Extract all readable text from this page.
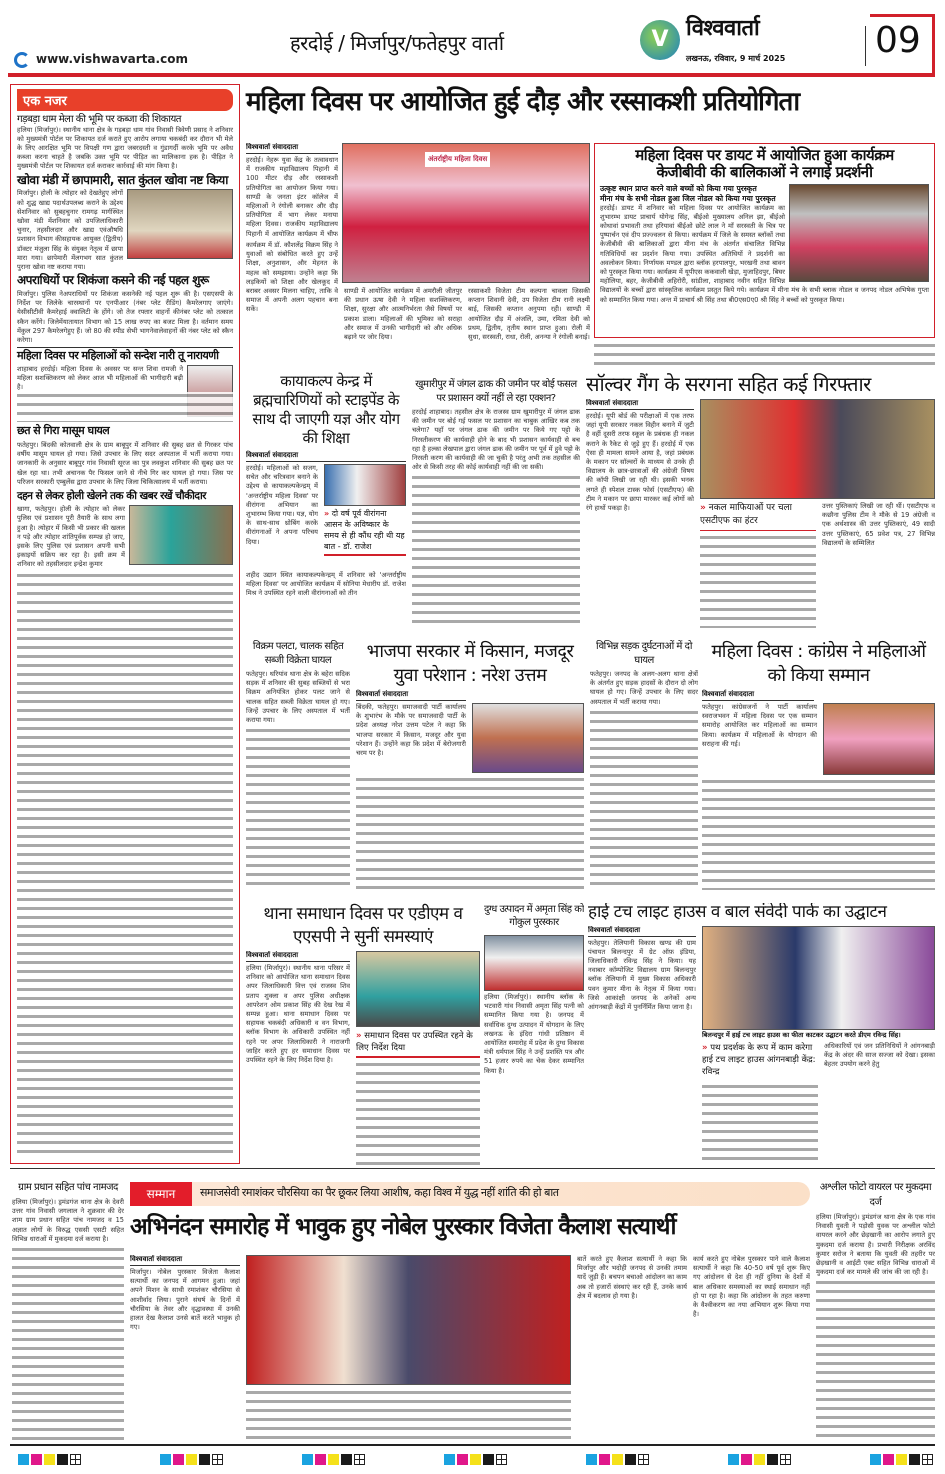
www.vishwavarta.com
हरदोई / मिर्जापुर/फतेहपुर वार्ता	V विश्ववार्ता
लखनऊ, रविवार, 9 मार्च 2025 09
एक नजर
गड़बड़ा धाम मेला की भूमि पर कब्जा की शिकायत
हलिया (मिर्जापुर)। स्थानीय थाना क्षेत्र के गड़बड़ा धाम गांव निवासी त्रिवेणी प्रसाद ने शनिवार को मुख्यमंत्री पोर्टल पर शिकायत दर्ज कराते हुए आरोप लगाया चकबंदी कर दौरान भी मेले के लिए आरक्षित भूमि पर विपक्षी गण द्वारा जबरदस्ती व गुंडागर्दी करके भूमि पर अवैध कब्जा करना चाहते है जबकि उक्त भूमि पर पीड़ित का मालिकाना हक है। पीड़ित ने मुख्यमंत्री पोर्टल पर शिकायत दर्ज कराकर कार्रवाई की मांग किया है।
खोवा मंडी में छापामारी, सात कुंतल खोवा नष्ट किया
मिर्जापुर। होली के त्योहार को देखतेहुए लोगों को शुद्ध खाद्य पदार्थउपलब्ध कराने के उद्देश्य सेशनिवार को सुबहचुनार रामगढ़ मार्गस्थित खोवा मंडी मेंशनिवार को उपजिलाधिकारी चुनार, तहसीलदार और खाद्य एवंऔषधि प्रशासन विभाग कीसहायक आयुक्त (द्वितीय) डॉक्टर मंजुला सिंह के संयुक्त नेतृत्व में छापा मारा गया। छापेमारी मेंलगभग सात कुंतल पुराना खोवा नष्ट कराया गया।
अपराधियों पर शिकंजा कसने की नई पहल शुरू
मिर्जापुर। पुलिस नेअपराधियों पर शिकंजा कसनेकी नई पहल शुरू की है। एसएसपी के निर्देश पर जिलेके चारस्थानों पर एनपीआर (नंबर प्लेट रीडिंग) कैमरेलगाए जाएंगे। येसीसीटीवी कैमरेहाई क्वालिटी के होंगे। जो तेज रफ्तार वाहनों कीनंबर प्लेट को तत्काल स्कैन करेंगे। जिलेमेंयातायात विभाग को 15 लाख रुपए का बजट मिला है। वर्तमान समय मेंकुल 297 कैमरेलगेहुए हैं। जो 80 की स्पीड सेभी भागनेवालेवाहनों की नंबर प्लेट को स्कैन करेगा।
महिला दिवस पर महिलाओं को सन्देश नारी तू नारायणी
शाहाबाद हरदोई। महिला दिवस के अवसर पर सन्त शिवा रामजी ने महिला सशक्तिकरण को लेकर आज भी महिलाओं की भागीदारी बढ़ी है।
छत से गिरा मासूम घायल
फतेहपुर। बिंदकी कोतवाली क्षेत्र के ग्राम बाबूपुर में शनिवार की सुबह छत से गिरकर पांच वर्षीय मासूम घायल हो गया। जिसे उपचार के लिए सदर अस्पताल में भर्ती कराया गया। जानकारी के अनुसार बाबूपुर गांव निवासी सूरज का पुत्र लवकुश शनिवार की सुबह छत पर खेल रहा था। तभी अचानक पैर फिसल जाने से नीचे गिर कर घायल हो गया। जिस पर परिजन सरकारी एम्बुलेंस द्वारा उपचार के लिए जिला चिकित्सालय में भर्ती कराया।
दहन से लेकर होली खेलने तक की खबर रखें चौकीदार
खागा, फतेहपुर। होली के त्योहार को लेकर पुलिस एवं प्रशासन पूरी तैयारी के साथ लगा हुआ है। त्योहार में किसी भी प्रकार की खलल न पड़े और त्योहार शांतिपूर्वक सम्पन्न हो जाए, इसके लिए पुलिस एवं प्रशासन अपनी सभी इकाइयों सक्रिय कर रहा है। इसी क्रम में शनिवार को तहसीलदार इन्द्रेश कुमार
महिला दिवस पर आयोजित हुई दौड़ और रस्साकशी प्रतियोगिता
विश्ववार्ता संवाददाता
हरदोई। नेहरू युवा केंद्र के तत्वावधान में राजकीय महाविद्यालय पिहानी में 100 मीटर दौड़ और रस्साकशी प्रतियोगिता का आयोजन किया गया। साण्डी के जनता इंटर कॉलेज में महिलाओं ने रंगोली बनाकर और दौड़ प्रतियोगिता में भाग लेकर मनाया महिला दिवस। राजकीय महाविद्यालय पिहानी में आयोजित कार्यक्रम में चीफ
कार्यक्रम में डॉ. कौशलेंद्र विक्रम सिंह ने युवाओं को संबोधित करते हुए उन्हें शिक्षा, अनुशासन, और मेहनत के महत्व को समझाया। उन्होंने कहा कि लड़कियों को शिक्षा और खेलकूद में बराबर अवसर मिलना चाहिए, ताकि वे समाज में अपनी अलग पहचान बना सकें।
अंतर्राष्ट्रीय महिला दिवस
साण्डी में आयोजित कार्यक्रम में अमरौली जीतपुर की प्रधान ऊषा देवी ने महिला सशक्तिकरण, शिक्षा, सुरक्षा और आत्मनिर्भरता जैसे विषयों पर प्रकाश डाला। महिलाओं की भूमिका को सराहा और समाज में उनकी भागीदारी को और अधिक बढ़ाने पर जोर दिया।
रस्साकशी विजेता टीम कल्पना चावला जिसकी कप्तान शिवानी देवी, उप विजेता टीम रानी लक्ष्मी बाई, जिसकी कप्तान अनुपमा रही। साण्डी में आयोजित दौड़ में अंजलि, उमा, रमिता देवी को प्रथम, द्वितीय, तृतीय स्थान प्राप्त हुआ। रोली में सुधा, सरस्वती, राधा, रोली, अनन्या ने रंगोली बनाई।
महिला दिवस पर डायट में आयोजित हुआ कार्यक्रम
केजीबीवी की बालिकाओं ने लगाई प्रदर्शनी
उत्कृष्ट स्थान प्राप्त करने वाले बच्चों को किया गया पुरस्कृत
मीना मंच के सभी नोडल हुआ जिल नोडल को किया गया पुरस्कृत
हरदोई। डायट में शनिवार को महिला दिवस पर आयोजित कार्यक्रम का शुभारम्भ डायट प्राचार्य योगेन्द्र सिंह, बीईओ मुख्यालय अनिल झा, बीईओ कोथावां प्रभावती तथा हरियावां बीईओ छोटे लाल ने माँ सरस्वती के चित्र पर पुष्पार्चन एवं दीप प्रज्ज्वलन से किया। कार्यक्रम में जिले के समस्त ब्लॉकों तथा केजीबीवी की बालिकाओं द्वारा मीना मंच के अंतर्गत संचालित विभिन्न गतिविधियों का प्रदर्शन किया गया। उपस्थित अतिथियों ने प्रदर्शनी का अवलोकन किया। निर्णायक मण्डल द्वारा ब्लॉक हरपालपुर, भरखनी तथा बावन को पुरस्कृत किया गया। कार्यक्रम में यूपीएस ककवाली खेड़ा, मुजाहिदपुर, बिघर महोलिया, बहर, केजीबीवी अहिरोरी, सांडीला, शाहाबाद नवीन सहित विभिन्न विद्यालयों के बच्चों द्वारा सांस्कृतिक कार्यक्रम प्रस्तुत किये गये। कार्यक्रम में मीना मंच के सभी ब्लाक नोडल व जनपद नोडल अभिषेक गुप्ता को सम्मानित किया गया। अन्त में प्राचार्य श्री सिंह तथा बी0एस0ए0 श्री सिंह ने बच्चों को पुरस्कृत किया।
कायाकल्प केन्द्र में ब्रह्मचारिणियों को स्टाइपेंड के साथ दी जाएगी यज्ञ और योग की शिक्षा
विश्ववार्ता संवाददाता
हरदोई। महिलाओं को सजग, सचेत और चरित्रवान बनाने के उद्देश्य से कायाकल्पकेन्द्रम् में 'अन्तर्राष्ट्रीय महिला दिवस' पर वीरांगना अभियान का शुभारम्भ किया गया। यज्ञ, योग के साथ-साथ थ्रोबिंग करके वीरांगनाओं ने अपना परिचय दिया।
» दो वर्ष पूर्व वीरांगना आसन के अविष्कार के समय से ही कौंध रही थी यह बात - डॉ. राजेश
शहीद उद्यान स्थित कायाकल्पकेन्द्रम् में शनिवार को 'अन्तर्राष्ट्रीय महिला दिवस' पर आयोजित कार्यक्रम में सोनिया मेधारीय डॉ. राजेश मिश्र ने उपस्थित रहने वाली वीरांगनाओं को तीन
खुमारीपुर में जंगल ढाक की जमीन पर बोई फसल पर प्रशासन क्यों नहीं ले रहा एक्शन?
हरदोई शाहाबाद। तहसील क्षेत्र के राजस्व ग्राम खुमारीपुर में जंगल ढाक की जमीन पर बोई गई फसल पर प्रशासन का चाबुक आखिर कब तक चलेगा? यहाँ पर जंगल ढाक की जमीन पर किये गए पट्टो के निरस्तीकरण की कार्यवाही होने के बाद भी प्रशासन कार्यवाही से बच रहा है हल्का लेखपाल द्वारा जंगल ढाक की जमीन पर पूर्व में हुवे पट्टो के निरस्ती करण की कार्यवाही की जा चुकी है परंतु अभी तक तहसील की ओर से किसी तरह की कोई कार्यवाही नहीं की जा सकी।
सॉल्वर गैंग के सरगना सहित कई गिरफ्तार
विश्ववार्ता संवाददाता
हरदोई। यूपी बोर्ड की परीक्षाओं में एक तरफ जहां यूपी सरकार नकल विहीन बनाने में जुटी है वहीं दूसरी तरफ स्कूल के प्रबंधक ही नकल कराने के रैकेट से जुड़े हुए हैं। हरदोई में एक ऐसा ही मामला सामने आया है, जहां प्रबंधक के मकान पर सॉल्वरों के माध्यम से उनके ही विद्यालय के छात्र-छात्राओं की अंग्रेजी विषय की कॉपी लिखी जा रही थी। इसकी भनक लगते ही स्पेशल टास्क फोर्स (एसटीएफ) की टीम ने मकान पर छापा मारकर कई लोगों को रंगे हाथों पकड़ा है।	» नकल माफियाओं पर चला एसटीएफ का हंटर
उत्तर पुस्तिकाएं लिखी जा रही थीं। एसटीएफ व कछौना पुलिस टीम ने मौके से 19 अंग्रेजी व एक अर्थशास्त्र की उत्तर पुस्तिकाएं, 49 सादी उत्तर पुस्तिकाएं, 65 प्रवेश पत्र, 27 विभिन्न विद्यालयों के सम्मिलित
विक्रम पलटा, चालक सहित सब्जी विक्रेता घायल
फतेहपुर। थरियांव थाना क्षेत्र के बहेरा सदिक सड़क में शनिवार की सुबह सब्जियों से भरा विक्रम अनियंत्रित होकर पलट जाने से चालक सहित सब्जी विक्रेता घायल हो गए। जिन्हें उपचार के लिए अस्पताल में भर्ती कराया गया।
भाजपा सरकार में किसान, मजदूर युवा परेशान : नरेश उत्तम
विश्ववार्ता संवाददाता
बिंदकी, फतेहपुर। समाजवादी पार्टी कार्यालय के शुभारंभ के मौके पर समाजवादी पार्टी के प्रदेश अध्यक्ष नरेश उत्तम पटेल ने कहा कि भाजपा सरकार में किसान, मजदूर और युवा परेशान हैं। उन्होंने कहा कि प्रदेश में बेरोजगारी चरम पर है।
विभिन्न सड़क दुर्घटनाओं में दो घायल
फतेहपुर। जनपद के अलग-अलग थाना क्षेत्रों के अंतर्गत हुए सड़क हादसों के दौरान दो लोग घायल हो गए। जिन्हें उपचार के लिए सदर अस्पताल में भर्ती कराया गया।
महिला दिवस : कांग्रेस ने महिलाओं को किया सम्मान
विश्ववार्ता संवाददाता
फतेहपुर। कांग्रेसजनों ने पार्टी कार्यालय स्वराजभवन में महिला दिवस पर एक सम्मान समारोह आयोजित कर महिलाओं का सम्मान किया। कार्यक्रम में महिलाओं के योगदान की सराहना की गई।
थाना समाधान दिवस पर एडीएम व एएसपी ने सुनीं समस्याएं
विश्ववार्ता संवाददाता
हलिया (मिर्जापुर)। स्थानीय थाना परिसर में शनिवार को आयोजित थाना समाधान दिवस अपर जिलाधिकारी वित्त एवं राजस्व शिव प्रताप शुक्ला व अपर पुलिस अधीक्षक आपरेशन ओम प्रकाश सिंह की देख रेख में सम्पन्न हुआ। थाना समाधान दिवस पर सहायक चकबंदी अधिकारी व वन विभाग, ब्लॉक विभाग के अधिकारी उपस्थित नहीं रहने पर अपर जिलाधिकारी ने नाराजगी जाहिर करते हुए हर समाधान दिवस पर उपस्थित रहने के लिए निर्देश दिया है।
» समाधान दिवस पर उपस्थित रहने के लिए निर्देश दिया
दुग्ध उत्पादन में अमृता सिंह को गोकुल पुरस्कार
हलिया (मिर्जापुर)। स्थानीय ब्लॉक के भटवारी गांव निवासी अमृता सिंह पत्नी को सम्मानित किया गया है। जनपद में सर्वाधिक दुग्ध उत्पादन में योगदान के लिए लखनऊ के इंदिरा गांधी प्रतिष्ठान में आयोजित समारोह में प्रदेश के दुग्ध विकास मंत्री धर्मपाल सिंह ने उन्हें प्रशस्ति पत्र और 51 हजार रुपये का चेक देकर सम्मानित किया है।
हाई टच लाइट हाउस व बाल संवेदी पार्क का उद्घाटन
विश्ववार्ता संवाददाता
फतेहपुर। तेलियानी विकास खण्ड की ग्राम पंचायत बिलन्दपुर में ग्रेट ऑफ़ इंडिया, जिलाधिकारी रविन्द्र सिंह ने किया। यह नवाबार कॉम्पोजिट विद्यालय ग्राम बिलन्दपुर ब्लॉक तेलियानी में मुख्य विकास अधिकारी पवन कुमार मीना के नेतृत्व में किया गया। जिसे आकांक्षी जनपद के अनेकों अन्य आंगनबाड़ी केंद्रों में पुनर्निर्मित किया जाना है।
बिलन्दपुर में हाई टच लाइट हाउस का फीता काटकर उद्घाटन करते डीएम रविन्द्र सिंह।
» पथ प्रदर्शक के रूप में काम करेगा हाई टच लाइट हाउस आंगनबाड़ी केंद्र: रविन्द्र
अधिकारियों एवं जन प्रतिनिधियों ने आंगनबाड़ी केंद्र के अंदर की साज सज्जा को देखा। इसका बेहतर उपयोग करने हेतु
ग्राम प्रधान सहित पांच नामजद
हलिया (मिर्जापुर)। ड्रमंडगंज थाना क्षेत्र के देवरी उत्तर गांव निवासी जगलाल ने शुक्रवार की देर शाम ग्राम प्रधान सहित पांच नामजद व 15 अज्ञात लोगों के विरुद्ध एससी एसटी सहित विभिन्न धाराओं में मुकदमा दर्ज कराया है।
सम्मान	समाजसेवी रमाशंकर चौरसिया का पैर छूकर लिया आशीष, कहा विश्व में युद्ध नहीं शांति की हो बात
अभिनंदन समारोह में भावुक हुए नोबेल पुरस्कार विजेता कैलाश सत्यार्थी
विश्ववार्ता संवाददाता
मिर्जापुर। नोबेल पुरस्कार विजेता कैलाश सत्यार्थी का जनपद में आगमन हुआ। जहां अपने मिशन के साथी रमाशंकर चौरसिया से आशीर्वाद लिया। पुराने संघर्ष के दिनों में चौरसिया के तेवर और वृद्धावस्था में उनकी हालत देख कैलाश उनसे बातें करते भावुक हो गए।
बातें करते हुए कैलाश सत्यार्थी ने कहा कि मिर्जापुर और भदोही जनपद से उनकी तमाम यादें जुड़ी हैं। बचपन बचाओ आंदोलन का काम अब तो हजारों संस्थाएं कर रही हैं, उनके कार्य क्षेत्र में बदलाव हो गया है।
कार्य करते हुए नोबेल पुरस्कार पाने वाले कैलाश सत्यार्थी ने कहा कि 40-50 वर्ष पूर्व शुरू किए गए आंदोलन से देश ही नहीं दुनिया के देशों में बाल अधिकार समस्याओं का स्थाई समाधान नहीं हो पा रहा है। कहा कि आंदोलन के तहत करुणा के वैश्वीकरण का नया अभियान शुरू किया गया है।
अश्लील फोटो वायरल पर मुकदमा दर्ज
हलिया (मिर्जापुर)। ड्रमंडगंज थाना क्षेत्र के एक गांव निवासी युवती ने पड़ोसी युवक पर अश्लील फोटो वायरल करने और छेड़खानी का आरोप लगाते हुए मुकदमा दर्ज कराया है। प्रभारी निरीक्षक अरविंद कुमार सरोज ने बताया कि युवती की तहरीर पर छेड़खानी व आईटी एक्ट सहित विभिन्न धाराओं में मुकदमा दर्ज कर मामले की जांच की जा रही है।
